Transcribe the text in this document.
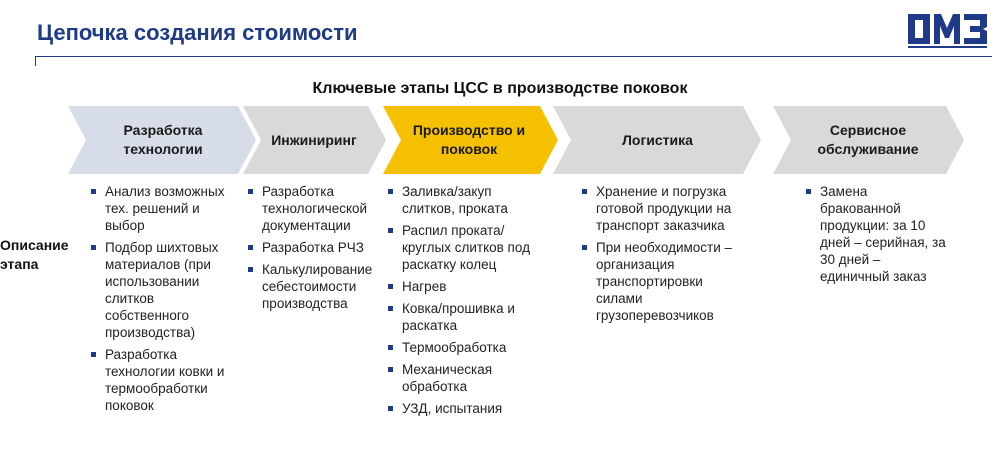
Цепочка создания стоимости
Ключевые этапы ЦСС в производстве поковок
Разработка технологии
Инжиниринг
Производство и поковок
Логистика
Сервисное обслуживание
Описание этапа
Анализ возможных тех. решений и выбор
Подбор шихтовых материалов (при использовании слитков собственного производства)
Разработка технологии ковки и термообработки поковок
Разработка технологической документации
Разработка РЧЗ
Калькулирование себестоимости производства
Заливка/закуп слитков, проката
Распил проката/круглых слитков под раскатку колец
Нагрев
Ковка/прошивка и раскатка
Термообработка
Механическая обработка
УЗД, испытания
Хранение и погрузка готовой продукции на транспорт заказчика
При необходимости – организация транспортировки силами грузоперевозчиков
Замена бракованной продукции: за 10 дней – серийная, за 30 дней – единичный заказ
